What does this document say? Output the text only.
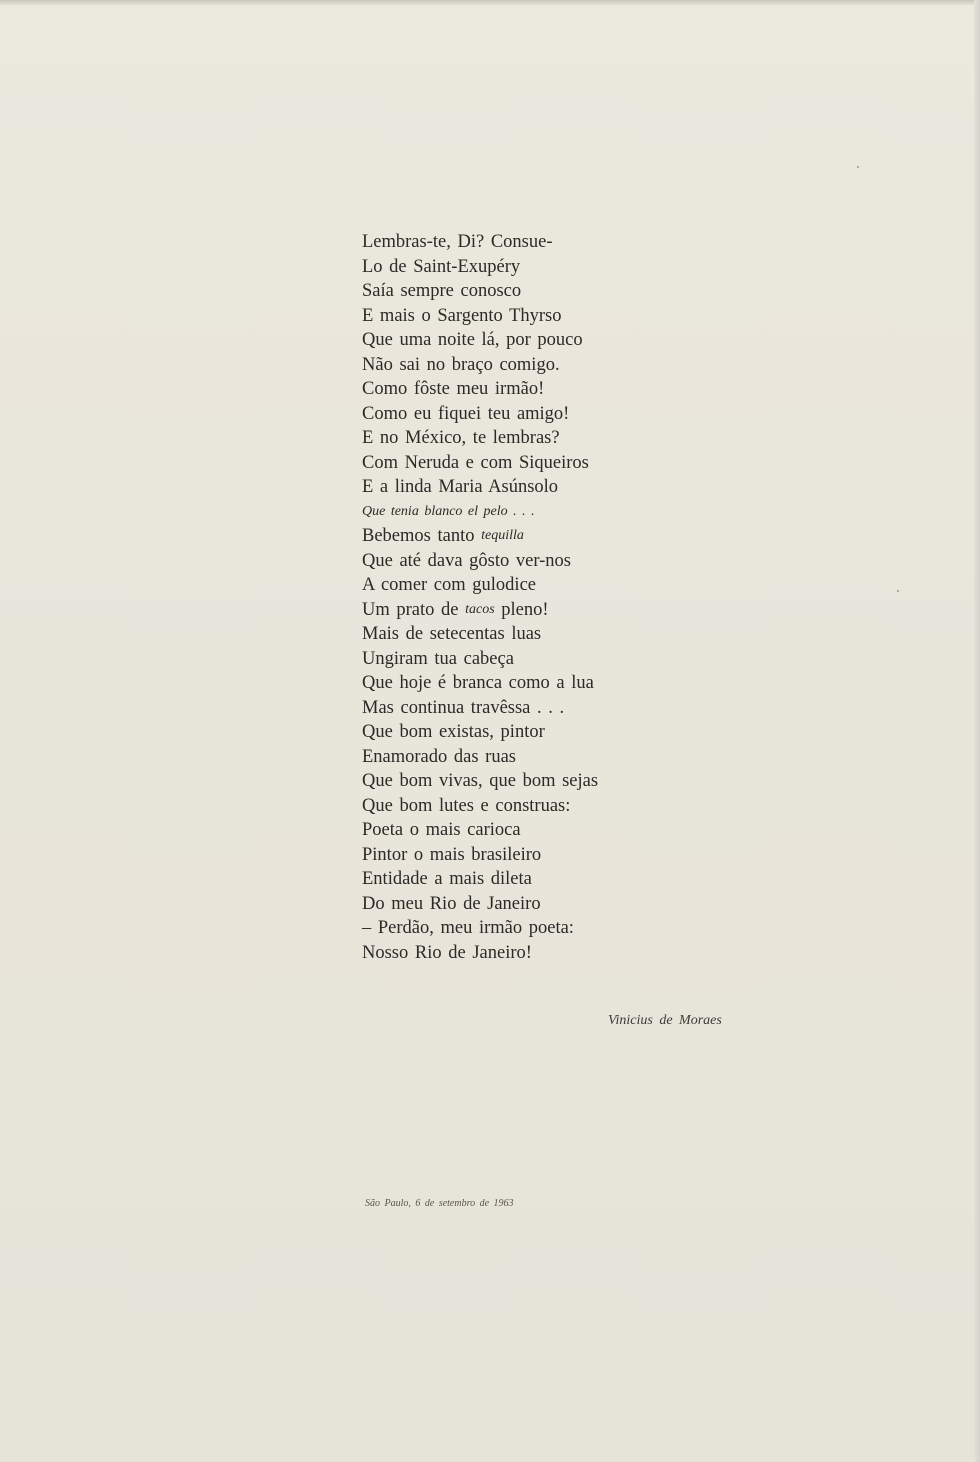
Lembras-te, Di? Consue-
Lo de Saint-Exupéry
Saía sempre conosco
E mais o Sargento Thyrso
Que uma noite lá, por pouco
Não sai no braço comigo.
Como fôste meu irmão!
Como eu fiquei teu amigo!
E no México, te lembras?
Com Neruda e com Siqueiros
E a linda Maria Asúnsolo
Que tenia blanco el pelo . . .
Bebemos tanto tequilla
Que até dava gôsto ver-nos
A comer com gulodice
Um prato de tacos pleno!
Mais de setecentas luas
Ungiram tua cabeça
Que hoje é branca como a lua
Mas continua travêssa . . .
Que bom existas, pintor
Enamorado das ruas
Que bom vivas, que bom sejas
Que bom lutes e construas:
Poeta o mais carioca
Pintor o mais brasileiro
Entidade a mais dileta
Do meu Rio de Janeiro
– Perdão, meu irmão poeta:
Nosso Rio de Janeiro!
Vinicius de Moraes
São Paulo, 6 de setembro de 1963
